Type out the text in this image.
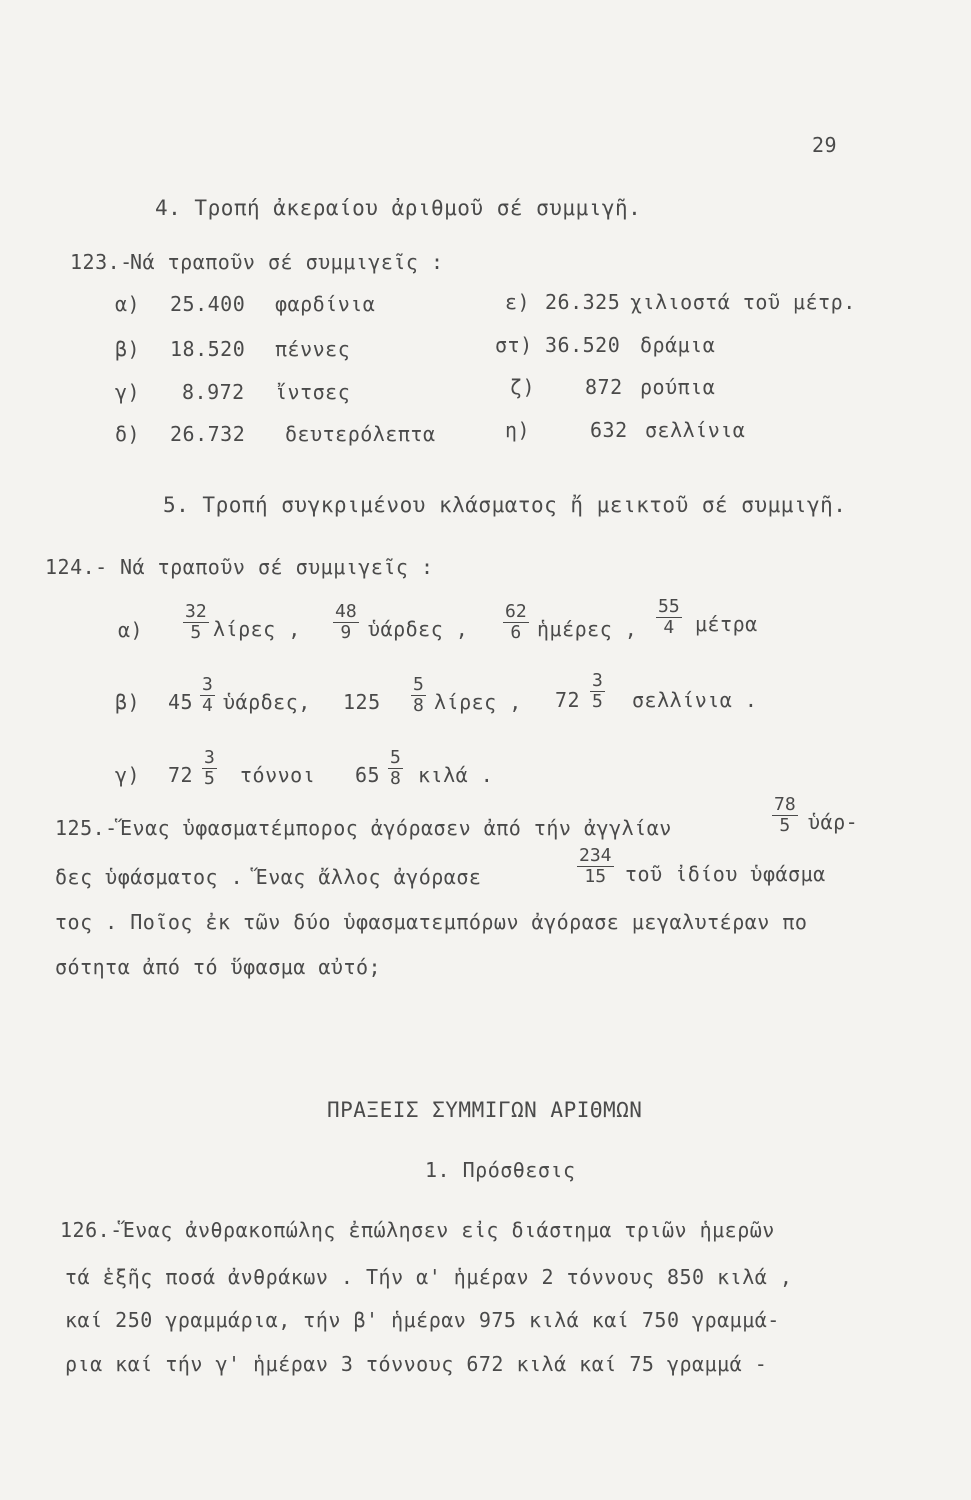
29
4. Τροπή ἀκεραίου ἀριθμοῦ σέ συμμιγῆ.
123.-
Νά τραποῦν σέ συμμιγεῖς :
α) 25.400 φαρδίνια
β) 18.520 πέννες
γ) 8.972 ἴντσες
δ) 26.732 δευτερόλεπτα
ε) 26.325 χιλιοστά τοῦ μέτρ.
στ) 36.520 δράμια
ζ) 872 ρούπια
η)	632 σελλίνια
5. Τροπή συγκριμένου κλάσματος ἤ μεικτοῦ σέ συμμιγῆ.
124.- Νά τραποῦν σέ συμμιγεῖς :
α)
32
5 λίρες ,
48
9 ὑάρδες ,
62
6 ἡμέρες ,
55
4 μέτρα
β) 45
3
4 ὑάρδες, 125
5
8 λίρες , 72
3
5 σελλίνια .
γ) 72
3
5 τόννοι 65
5
8 κιλά .
125.- Ἕνας ὑφασματέμπορος ἀγόρασεν ἀπό τήν ἀγγλίαν
78
5 ὑάρ-
δες ὑφάσματος . Ἕνας ἄλλος ἀγόρασε
234
15 τοῦ ἰδίου ὑφάσμα
τος . Ποῖος ἐκ τῶν δύο ὑφασματεμπόρων ἀγόρασε μεγαλυτέραν πο
σότητα ἀπό τό ὕφασμα αὐτό;
ΠΡΑΞΕΙΣ ΣΥΜΜΙΓΩΝ ΑΡΙΘΜΩΝ
1. Πρόσθεσις
126.-Ἕνας ἀνθρακοπώλης ἐπώλησεν εἰς διάστημα τριῶν ἡμερῶν
τά ἑξῆς ποσά ἀνθράκων . Τήν α' ἡμέραν 2 τόννους 850 κιλά ,
καί 250 γραμμάρια, τήν β' ἡμέραν 975 κιλά καί 750 γραμμά-
ρια καί τήν γ' ἡμέραν 3 τόννους 672 κιλά καί 75 γραμμά -
